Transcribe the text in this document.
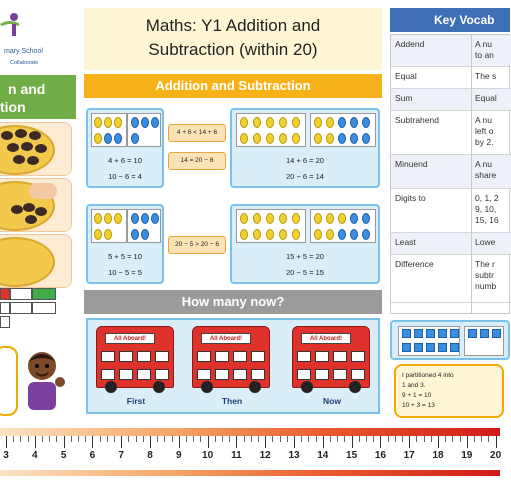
mary School
Collaborate
n and
tion
Maths: Y1 Addition and
Subtraction (within 20)
Addition and Subtraction
4 + 6 = 10
10 − 6 = 4
4 + 6 < 14 + 6
14 = 20 − 6	14 + 6 = 20
20 − 6 = 14
5 + 5 = 10
10 − 5 = 5
20 − 5 > 20 − 6
15 + 5 = 20
20 − 5 = 15
How many now?
All Aboard!	All Aboard!	All Aboard!
First	Then	Now
Key Vocab
Addend	A nu
to an
Equal	The s
Sum	Equal
Subtrahend	A nu
left o
by 2.
Minuend	A nu
share
Digits to	0, 1, 2
9, 10,
15, 16
Least	Lowe
Difference	The r
subtr
numb
I partitioned 4 into
1 and 3.
9 + 1 = 10
10 + 3 = 13
3	4	5	6	7	8	9	10 11 12 13 14 15 16 17 18 19 20
